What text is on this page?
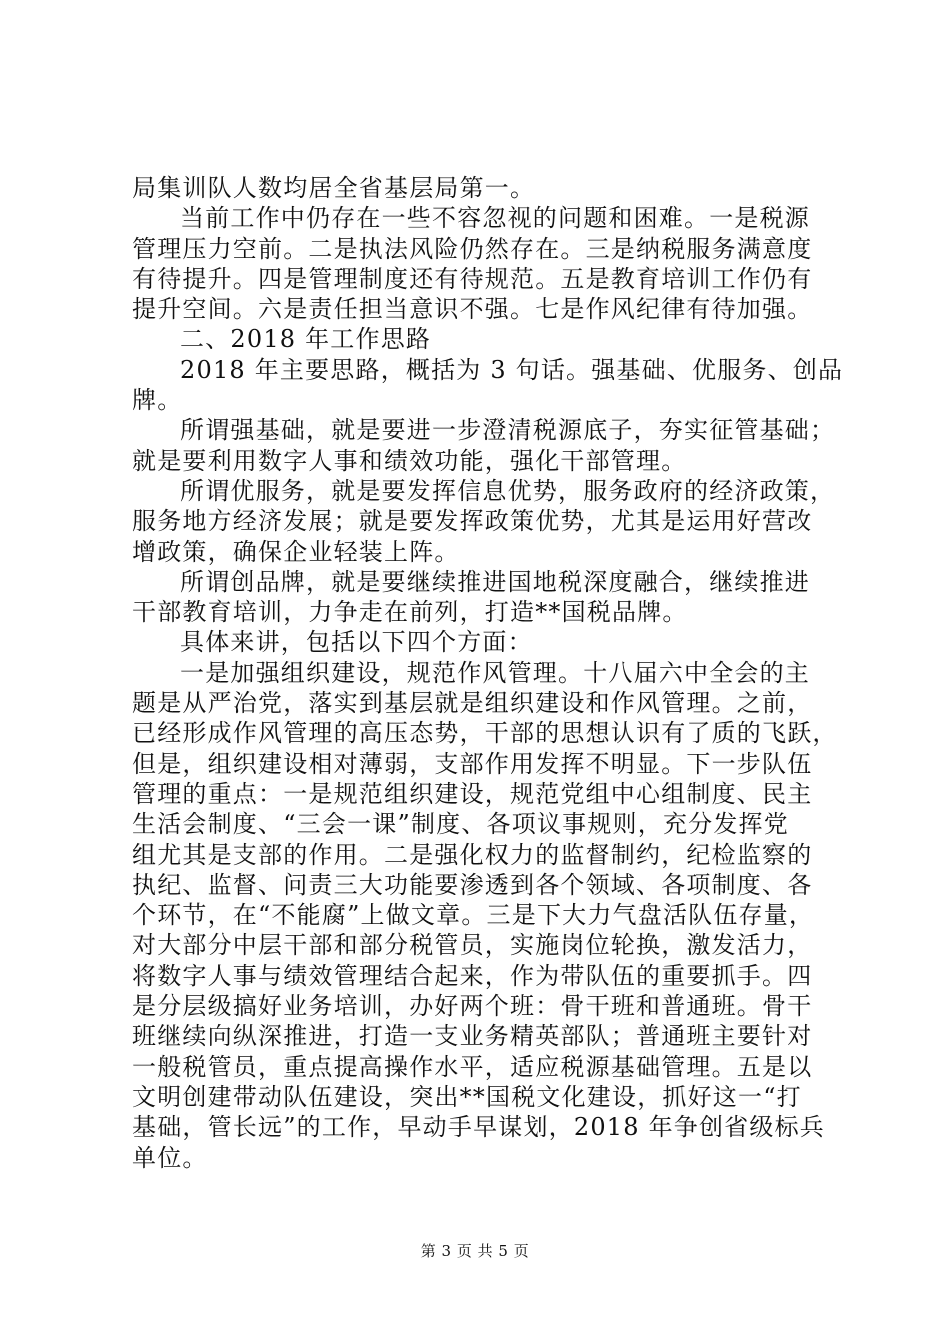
局集训队人数均居全省基层局第一。
当前工作中仍存在一些不容忽视的问题和困难。一是税源
管理压力空前。二是执法风险仍然存在。三是纳税服务满意度
有待提升。四是管理制度还有待规范。五是教育培训工作仍有
提升空间。六是责任担当意识不强。七是作风纪律有待加强。
二、2018 年工作思路
2018 年主要思路，概括为 3 句话。强基础、优服务、创品
牌。
所谓强基础，就是要进一步澄清税源底子，夯实征管基础；
就是要利用数字人事和绩效功能，强化干部管理。
所谓优服务，就是要发挥信息优势，服务政府的经济政策，
服务地方经济发展；就是要发挥政策优势，尤其是运用好营改
增政策，确保企业轻装上阵。
所谓创品牌，就是要继续推进国地税深度融合，继续推进
干部教育培训，力争走在前列，打造**国税品牌。
具体来讲，包括以下四个方面：
一是加强组织建设，规范作风管理。十八届六中全会的主
题是从严治党，落实到基层就是组织建设和作风管理。之前，
已经形成作风管理的高压态势，干部的思想认识有了质的飞跃，
但是，组织建设相对薄弱，支部作用发挥不明显。下一步队伍
管理的重点：一是规范组织建设，规范党组中心组制度、民主
生活会制度、“三会一课”制度、各项议事规则，充分发挥党
组尤其是支部的作用。二是强化权力的监督制约，纪检监察的
执纪、监督、问责三大功能要渗透到各个领域、各项制度、各
个环节，在“不能腐”上做文章。三是下大力气盘活队伍存量，
对大部分中层干部和部分税管员，实施岗位轮换，激发活力，
将数字人事与绩效管理结合起来，作为带队伍的重要抓手。四
是分层级搞好业务培训，办好两个班：骨干班和普通班。骨干
班继续向纵深推进，打造一支业务精英部队；普通班主要针对
一般税管员，重点提高操作水平，适应税源基础管理。五是以
文明创建带动队伍建设，突出**国税文化建设，抓好这一“打
基础，管长远”的工作，早动手早谋划，2018 年争创省级标兵
单位。
第 3 页 共 5 页
